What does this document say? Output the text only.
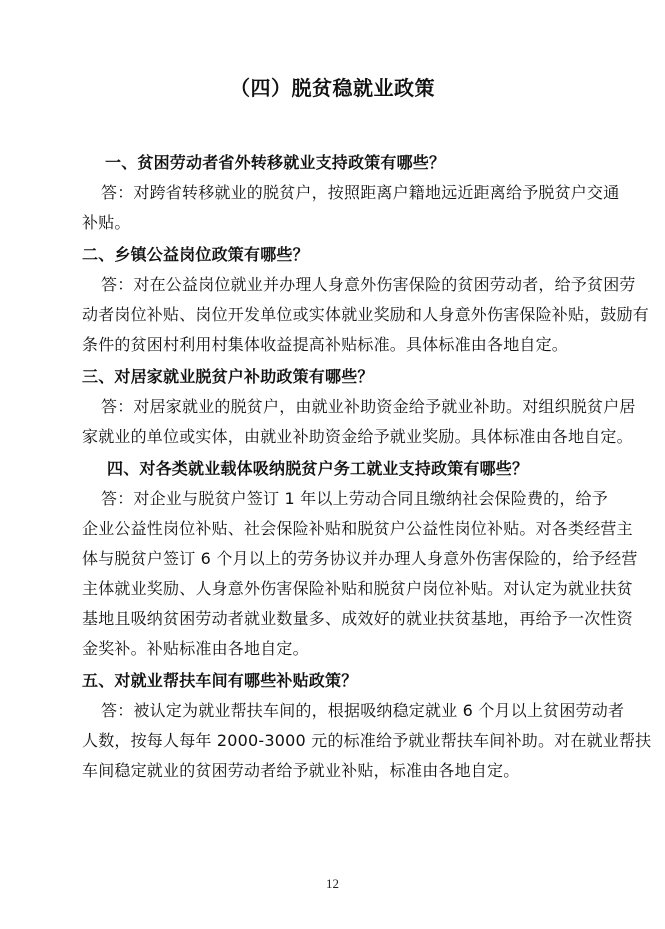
（四）脱贫稳就业政策

一、贫困劳动者省外转移就业支持政策有哪些？

答：对跨省转移就业的脱贫户，按照距离户籍地远近距离给予脱贫户交通
补贴。

二、乡镇公益岗位政策有哪些？

答：对在公益岗位就业并办理人身意外伤害保险的贫困劳动者，给予贫困劳
动者岗位补贴、岗位开发单位或实体就业奖励和人身意外伤害保险补贴，鼓励有
条件的贫困村利用村集体收益提高补贴标准。具体标准由各地自定。

三、对居家就业脱贫户补助政策有哪些？

答：对居家就业的脱贫户，由就业补助资金给予就业补助。对组织脱贫户居
家就业的单位或实体，由就业补助资金给予就业奖励。具体标准由各地自定。

四、对各类就业载体吸纳脱贫户务工就业支持政策有哪些？

答：对企业与脱贫户签订 1 年以上劳动合同且缴纳社会保险费的，给予
企业公益性岗位补贴、社会保险补贴和脱贫户公益性岗位补贴。对各类经营主
体与脱贫户签订 6 个月以上的劳务协议并办理人身意外伤害保险的，给予经营
主体就业奖励、人身意外伤害保险补贴和脱贫户岗位补贴。对认定为就业扶贫
基地且吸纳贫困劳动者就业数量多、成效好的就业扶贫基地，再给予一次性资
金奖补。补贴标准由各地自定。

五、对就业帮扶车间有哪些补贴政策？

答：被认定为就业帮扶车间的，根据吸纳稳定就业 6 个月以上贫困劳动者
人数，按每人每年 2000-3000 元的标准给予就业帮扶车间补助。对在就业帮扶
车间稳定就业的贫困劳动者给予就业补贴，标准由各地自定。

12
